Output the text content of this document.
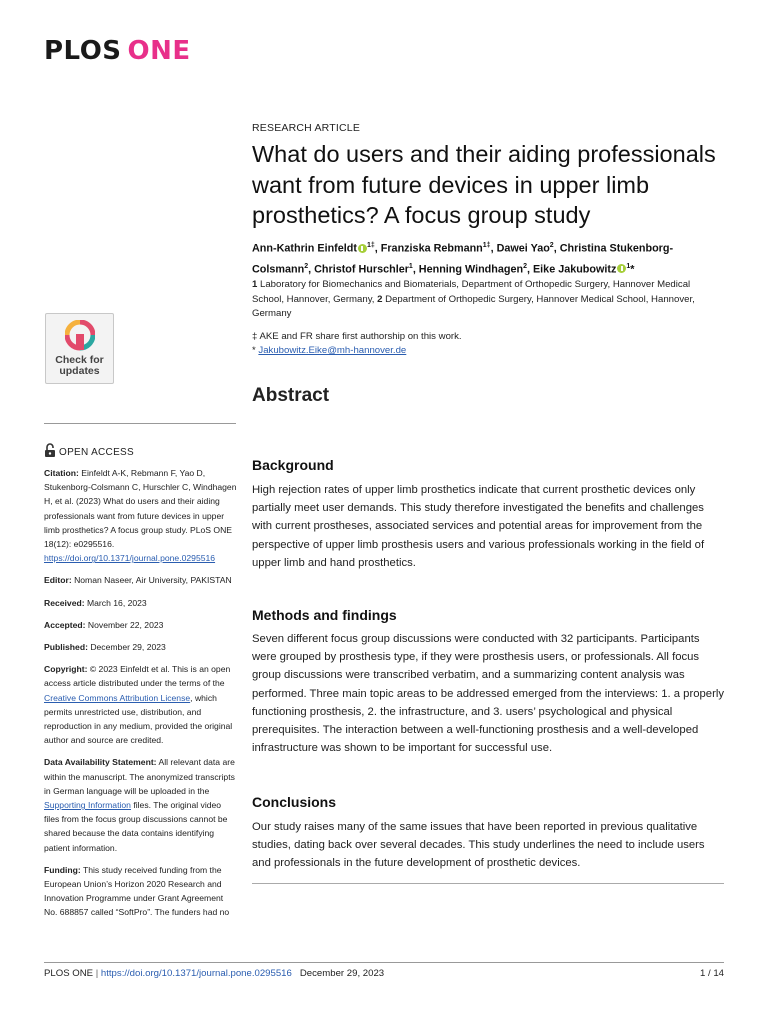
PLOS ONE
RESEARCH ARTICLE
What do users and their aiding professionals want from future devices in upper limb prosthetics? A focus group study
Ann-Kathrin Einfeldt $^{1\ddagger}$, Franziska Rebmann$^{1\ddagger}$, Dawei Yao$^2$, Christina Stukenborg-Colsmann$^2$, Christof Hurschler$^1$, Henning Windhagen$^2$, Eike Jakubowitz $^1$*
1 Laboratory for Biomechanics and Biomaterials, Department of Orthopedic Surgery, Hannover Medical School, Hannover, Germany, 2 Department of Orthopedic Surgery, Hannover Medical School, Hannover, Germany
‡ AKE and FR share first authorship on this work.
* Jakubowitz.Eike@mh-hannover.de
Check for
updates
Abstract
OPEN ACCESS

Citation: Einfeldt A-K, Rebmann F, Yao D, Stukenborg-Colsmann C, Hurschler C, Windhagen H, et al. (2023) What do users and their aiding professionals want from future devices in upper limb prosthetics? A focus group study. PLoS ONE 18(12): e0295516. https://doi.org/10.1371/journal.pone.0295516

Editor: Noman Naseer, Air University, PAKISTAN

Received: March 16, 2023

Accepted: November 22, 2023

Published: December 29, 2023

Copyright: © 2023 Einfeldt et al. This is an open access article distributed under the terms of the Creative Commons Attribution License, which permits unrestricted use, distribution, and reproduction in any medium, provided the original author and source are credited.

Data Availability Statement: All relevant data are within the manuscript. The anonymized transcripts in German language will be uploaded in the Supporting Information files. The original video files from the focus group discussions cannot be shared because the data contains identifying patient information.

Funding: This study received funding from the European Union’s Horizon 2020 Research and Innovation Programme under Grant Agreement No. 688857 called “SoftPro”. The funders had no

Background

High rejection rates of upper limb prosthetics indicate that current prosthetic devices only partially meet user demands. This study therefore investigated the benefits and challenges with current prostheses, associated services and potential areas for improvement from the perspective of upper limb prosthesis users and various professionals working in the field of upper limb and hand prosthetics.

Methods and findings

Seven different focus group discussions were conducted with 32 participants. Participants were grouped by prosthesis type, if they were prosthesis users, or professionals. All focus group discussions were transcribed verbatim, and a summarizing content analysis was performed. Three main topic areas to be addressed emerged from the interviews: 1. a properly functioning prosthesis, 2. the infrastructure, and 3. users’ psychological and physical prerequisites. The interaction between a well-functioning prosthesis and a well-developed infrastructure was shown to be important for successful use.

Conclusions

Our study raises many of the same issues that have been reported in previous qualitative studies, dating back over several decades. This study underlines the need to include users and professionals in the future development of prosthetic devices.

PLOS ONE | https://doi.org/10.1371/journal.pone.0295516 December 29, 2023	1 / 14
